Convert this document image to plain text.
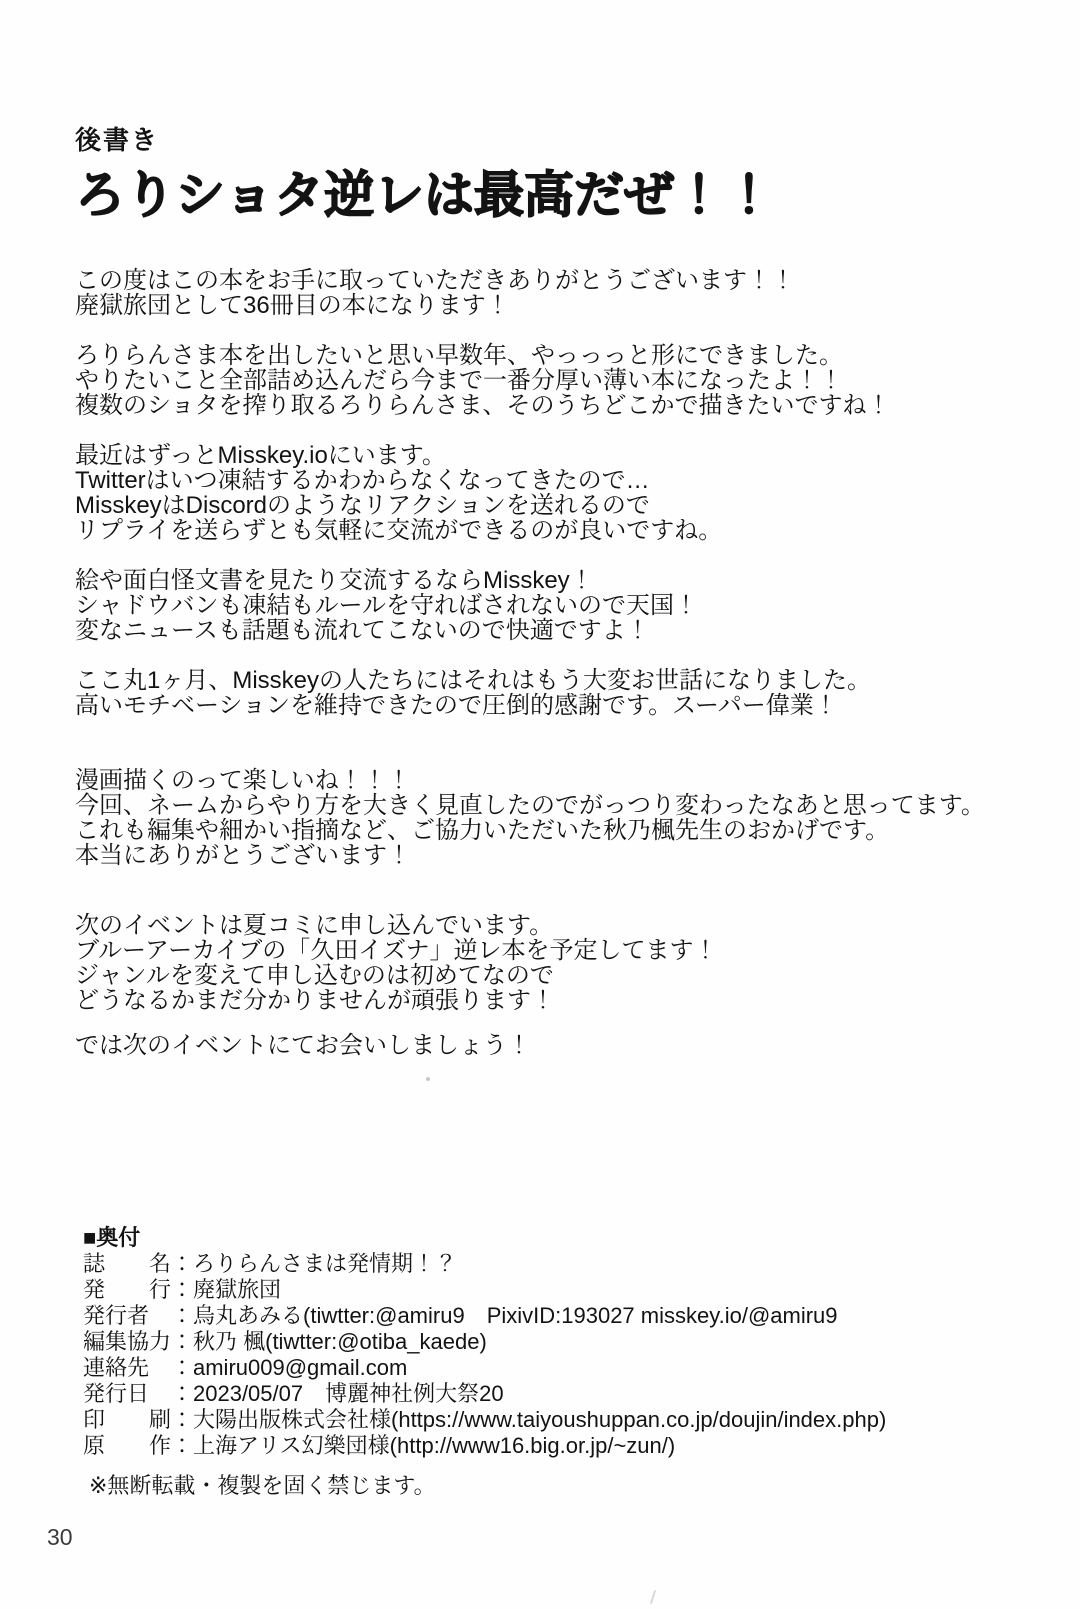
後書き
ろりショタ逆レは最高だぜ！！

この度はこの本をお手に取っていただきありがとうございます！！
廃獄旅団として36冊目の本になります！

ろりらんさま本を出したいと思い早数年、やっっっと形にできました。
やりたいこと全部詰め込んだら今まで一番分厚い薄い本になったよ！！
複数のショタを搾り取るろりらんさま、そのうちどこかで描きたいですね！

最近はずっとMisskey.ioにいます。
Twitterはいつ凍結するかわからなくなってきたので…
MisskeyはDiscordのようなリアクションを送れるので
リプライを送らずとも気軽に交流ができるのが良いですね。

絵や面白怪文書を見たり交流するならMisskey！
シャドウバンも凍結もルールを守ればされないので天国！
変なニュースも話題も流れてこないので快適ですよ！

ここ丸1ヶ月、Misskeyの人たちにはそれはもう大変お世話になりました。
高いモチベーションを維持できたので圧倒的感謝です。スーパー偉業！

漫画描くのって楽しいね！！！
今回、ネームからやり方を大きく見直したのでがっつり変わったなあと思ってます。
これも編集や細かい指摘など、ご協力いただいた秋乃楓先生のおかげです。
本当にありがとうございます！

次のイベントは夏コミに申し込んでいます。
ブルーアーカイブの「久田イズナ」逆レ本を予定してます！
ジャンルを変えて申し込むのは初めてなので
どうなるかまだ分かりませんが頑張ります！

では次のイベントにてお会いしましょう！

■奥付
誌　　名：ろりらんさまは発情期！？
発　　行：廃獄旅団
発行者　：烏丸あみる(tiwtter:@amiru9　PixivID:193027 misskey.io/@amiru9
編集協力：秋乃 楓(tiwtter:@otiba_kaede)
連絡先　：amiru009@gmail.com
発行日　：2023/05/07　博麗神社例大祭20
印　　刷：大陽出版株式会社様(https://www.taiyoushuppan.co.jp/doujin/index.php)
原　　作：上海アリス幻樂団様(http://www16.big.or.jp/~zun/)
※無断転載・複製を固く禁じます。
30
